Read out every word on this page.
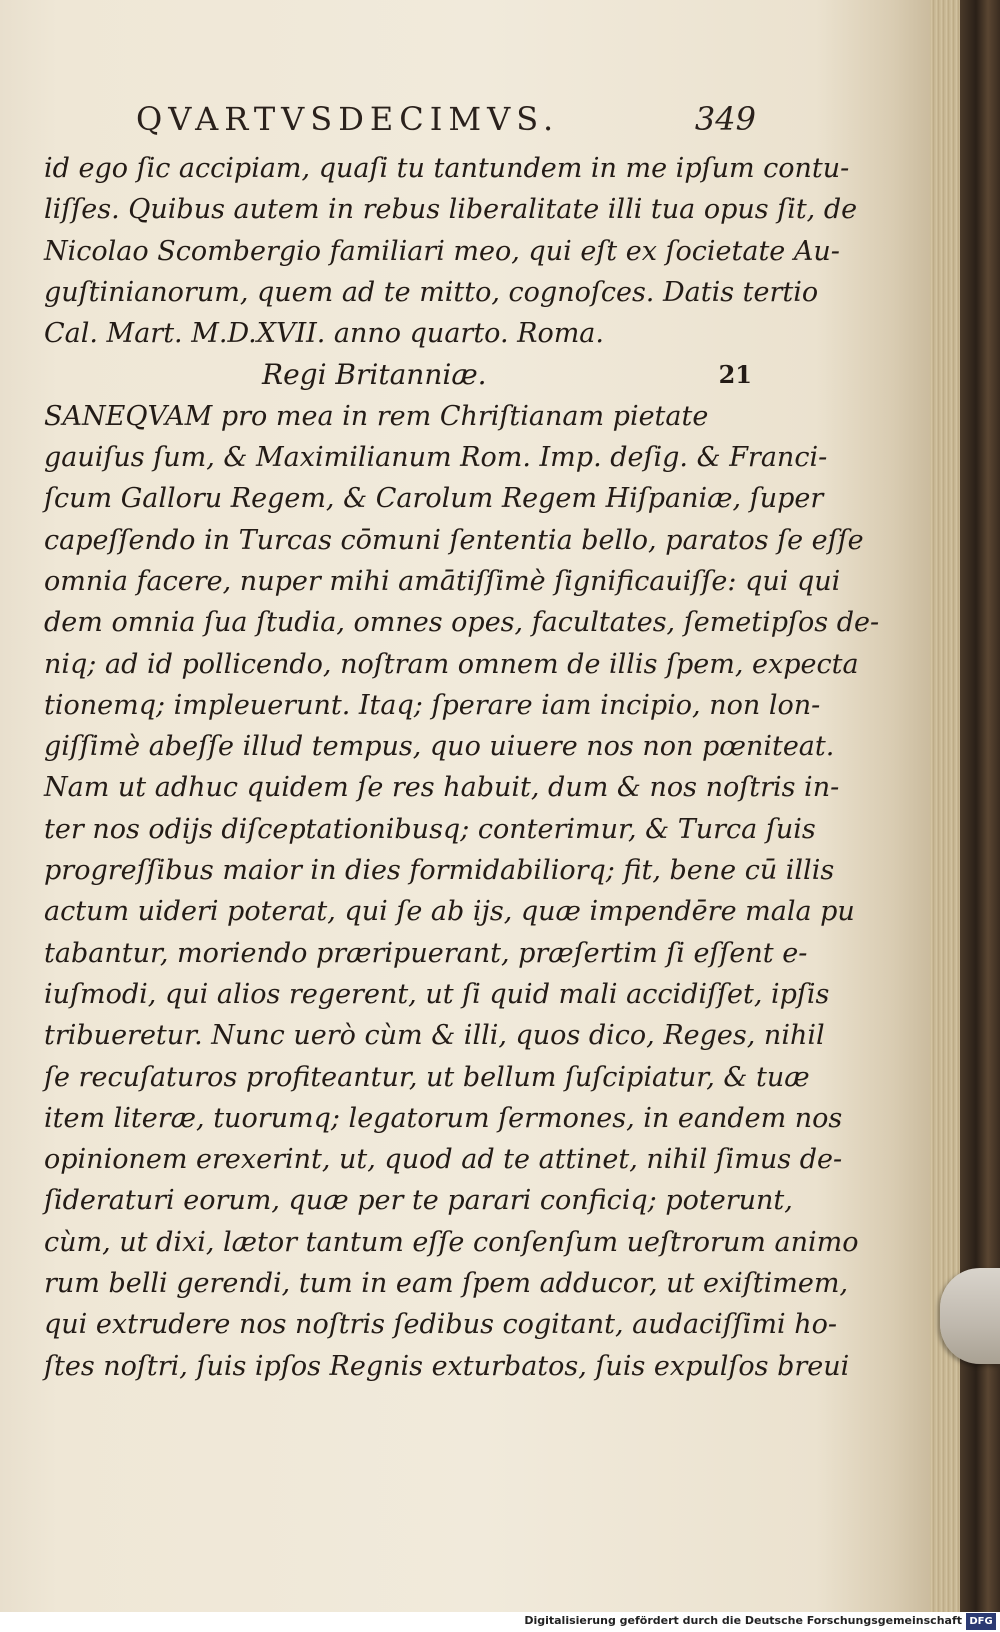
QVARTVSDECIMVS.	349
id ego ſic accipiam, quaſi tu tantundem in me ipſum contu-
liſſes. Quibus autem in rebus liberalitate illi tua opus ſit, de
Nicolao Scombergio familiari meo, qui eſt ex ſocietate Au-
guſtinianorum, quem ad te mitto, cognoſces. Datis tertio
Cal. Mart. M.D.XVII. anno quarto. Roma.
Regi Britanniæ.	21
SANEQVAM pro mea in rem Chriſtianam pietate
gauiſus ſum, & Maximilianum Rom. Imp. deſig. & Franci-
ſcum Galloru Regem, & Carolum Regem Hiſpaniæ, ſuper
capeſſendo in Turcas cōmuni ſententia bello, paratos ſe eſſe
omnia facere, nuper mihi amātiſſimè ſignificauiſſe: qui qui
dem omnia ſua ſtudia, omnes opes, facultates, ſemetipſos de-
niq; ad id pollicendo, noſtram omnem de illis ſpem, expecta
tionemq; impleuerunt. Itaq; ſperare iam incipio, non lon-
giſſimè abeſſe illud tempus, quo uiuere nos non pœniteat.
Nam ut adhuc quidem ſe res habuit, dum & nos noſtris in-
ter nos odijs diſceptationibusq; conterimur, & Turca ſuis
progreſſibus maior in dies formidabiliorq; fit, bene cū illis
actum uideri poterat, qui ſe ab ijs, quæ impendēre mala pu
tabantur, moriendo præripuerant, præſertim ſi eſſent e-
iuſmodi, qui alios regerent, ut ſi quid mali accidiſſet, ipſis
tribueretur. Nunc uerò cùm & illi, quos dico, Reges, nihil
ſe recuſaturos profiteantur, ut bellum ſuſcipiatur, & tuæ
item literæ, tuorumq; legatorum ſermones, in eandem nos
opinionem erexerint, ut, quod ad te attinet, nihil ſimus de-
ſideraturi eorum, quæ per te parari conficiq; poterunt,
cùm, ut dixi, lætor tantum eſſe conſenſum ueſtrorum animo
rum belli gerendi, tum in eam ſpem adducor, ut exiſtimem,
qui extrudere nos noſtris ſedibus cogitant, audaciſſimi ho-
ſtes noſtri, ſuis ipſos Regnis exturbatos, ſuis expulſos breui
Digitalisierung gefördert durch die Deutsche Forschungsgemeinschaft DFG
